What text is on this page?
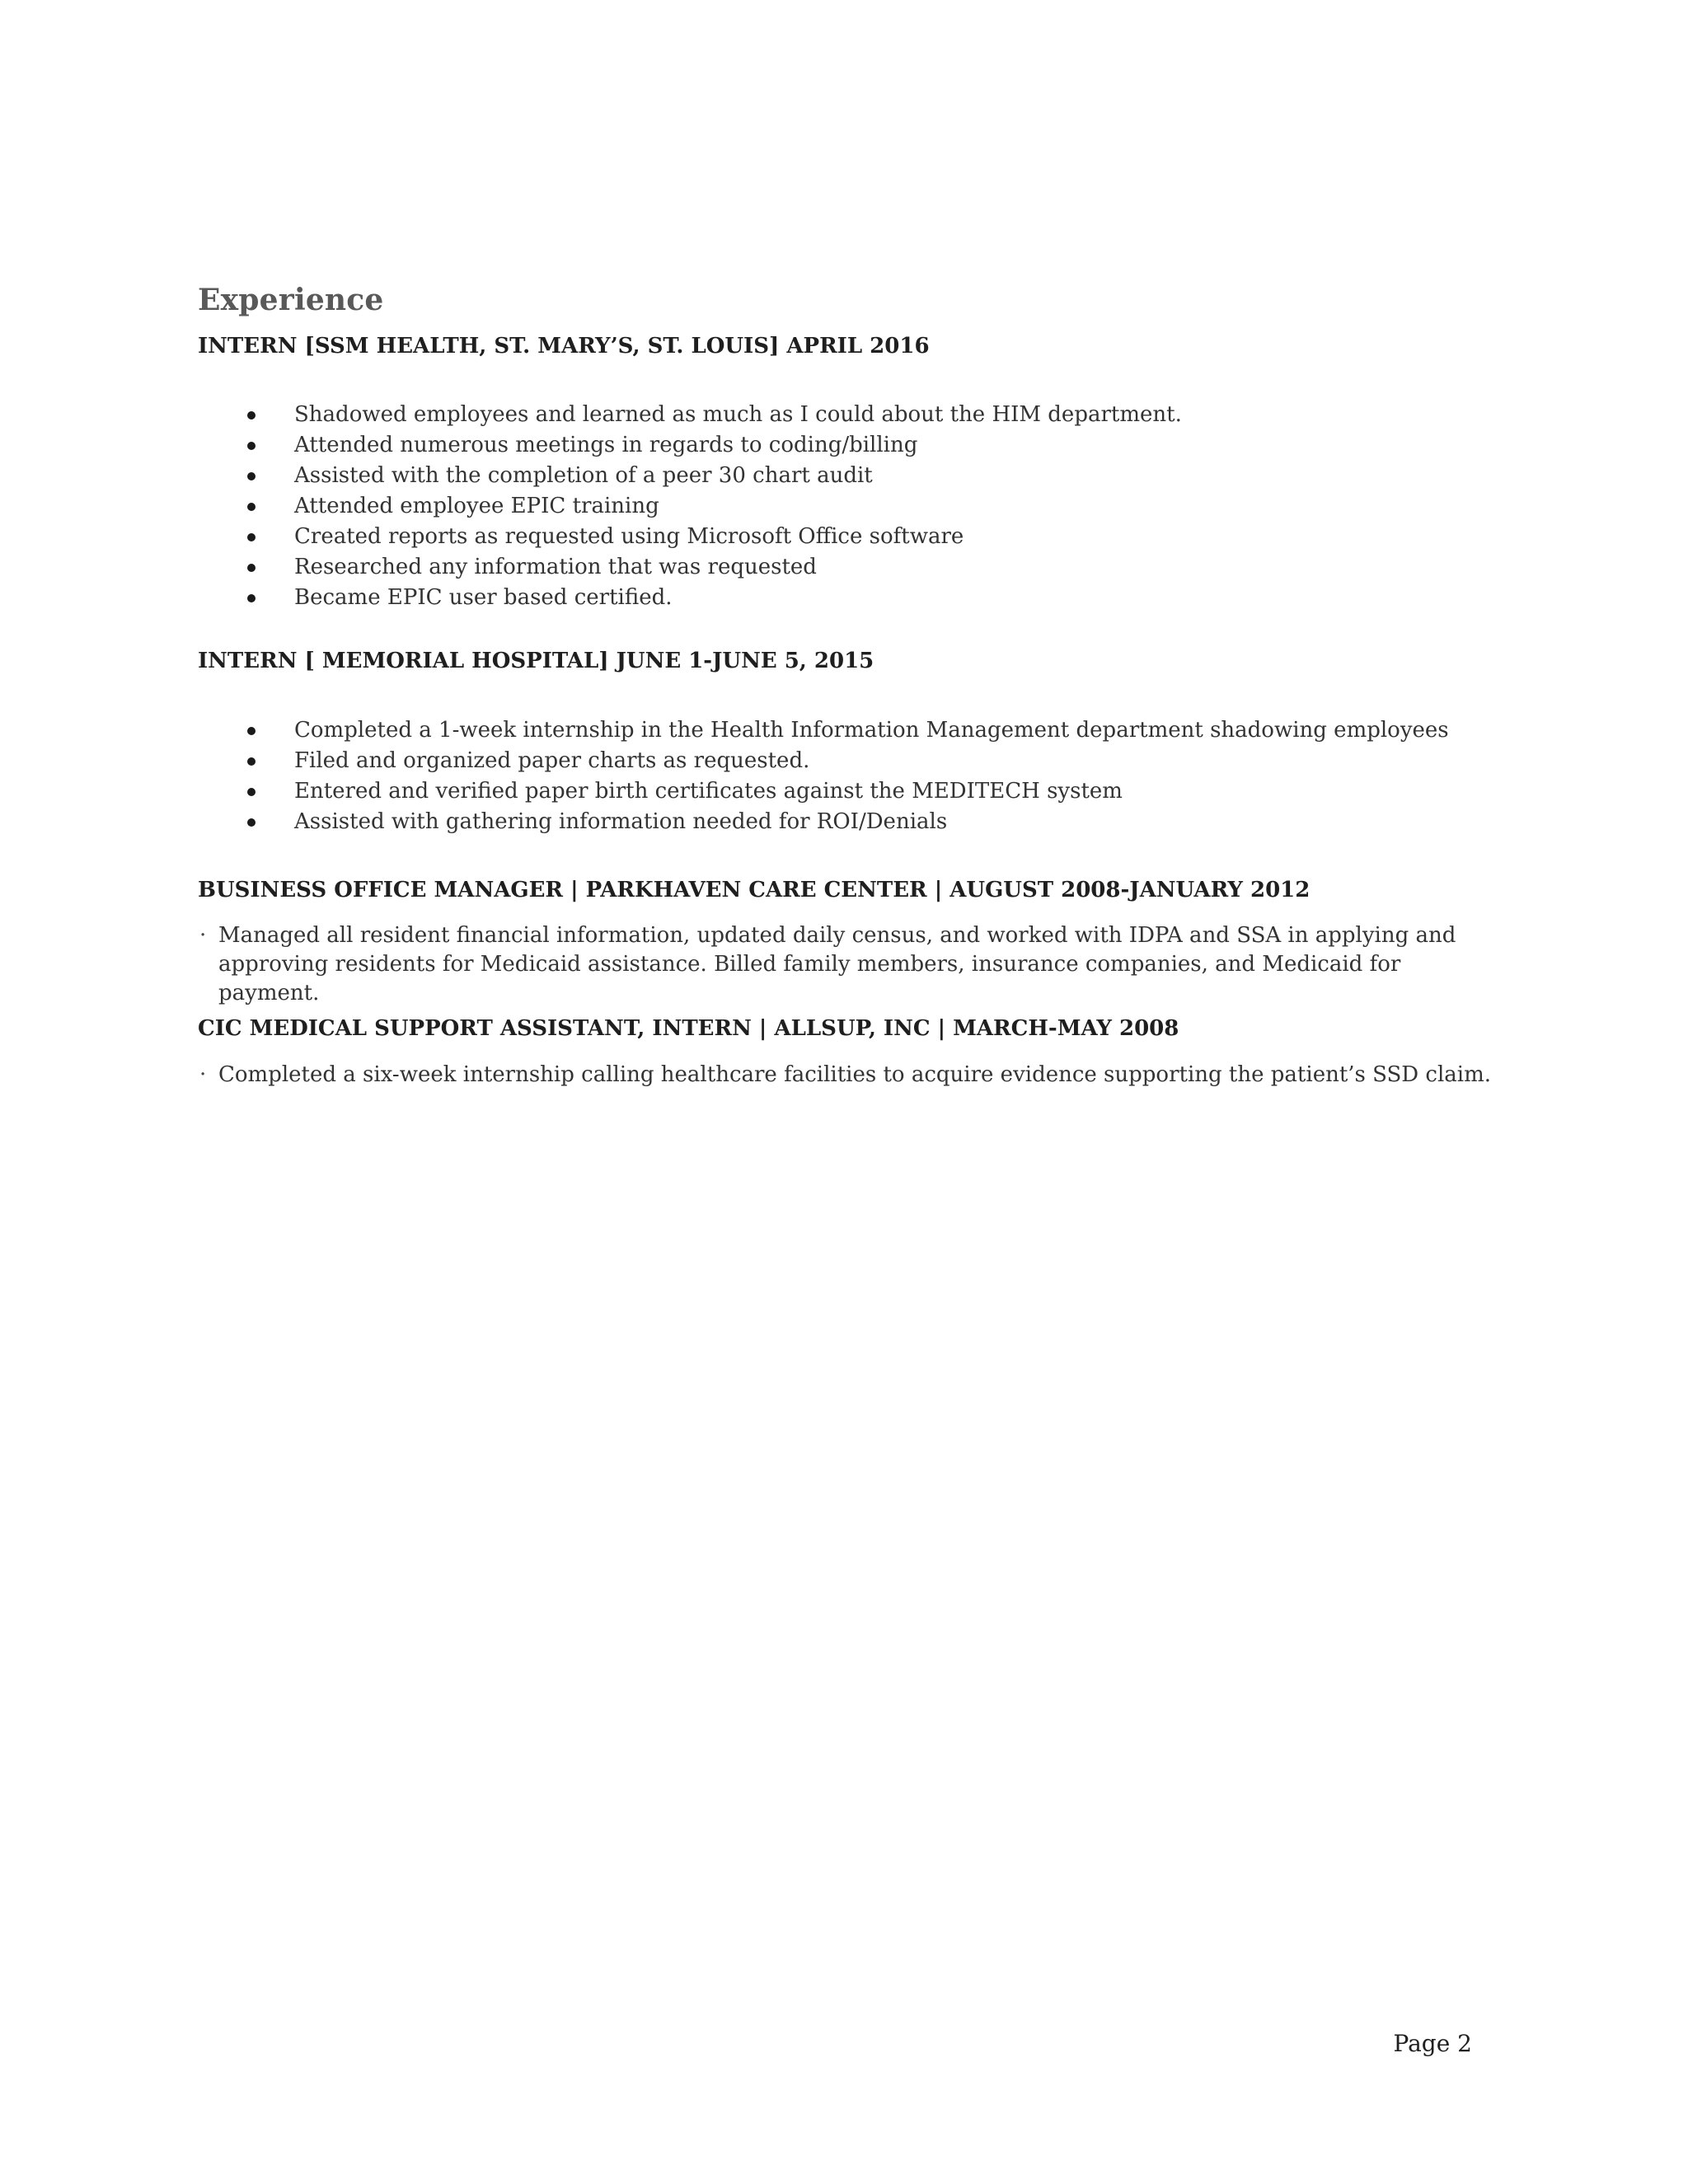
Experience

INTERN [SSM HEALTH, ST. MARY’S, ST. LOUIS] APRIL 2016

Shadowed employees and learned as much as I could about the HIM department.
Attended numerous meetings in regards to coding/billing
Assisted with the completion of a peer 30 chart audit
Attended employee EPIC training
Created reports as requested using Microsoft Office software
Researched any information that was requested
Became EPIC user based certified.

INTERN [ MEMORIAL HOSPITAL] JUNE 1-JUNE 5, 2015

Completed a 1-week internship in the Health Information Management department shadowing employees
Filed and organized paper charts as requested.
Entered and verified paper birth certificates against the MEDITECH system
Assisted with gathering information needed for ROI/Denials

BUSINESS OFFICE MANAGER | PARKHAVEN CARE CENTER | AUGUST 2008-JANUARY 2012

· Managed all resident financial information, updated daily census, and worked with IDPA and SSA in applying and approving residents for Medicaid assistance. Billed family members, insurance companies, and Medicaid for payment.

CIC MEDICAL SUPPORT ASSISTANT, INTERN | ALLSUP, INC | MARCH-MAY 2008

· Completed a six-week internship calling healthcare facilities to acquire evidence supporting the patient’s SSD claim.

Page 2
